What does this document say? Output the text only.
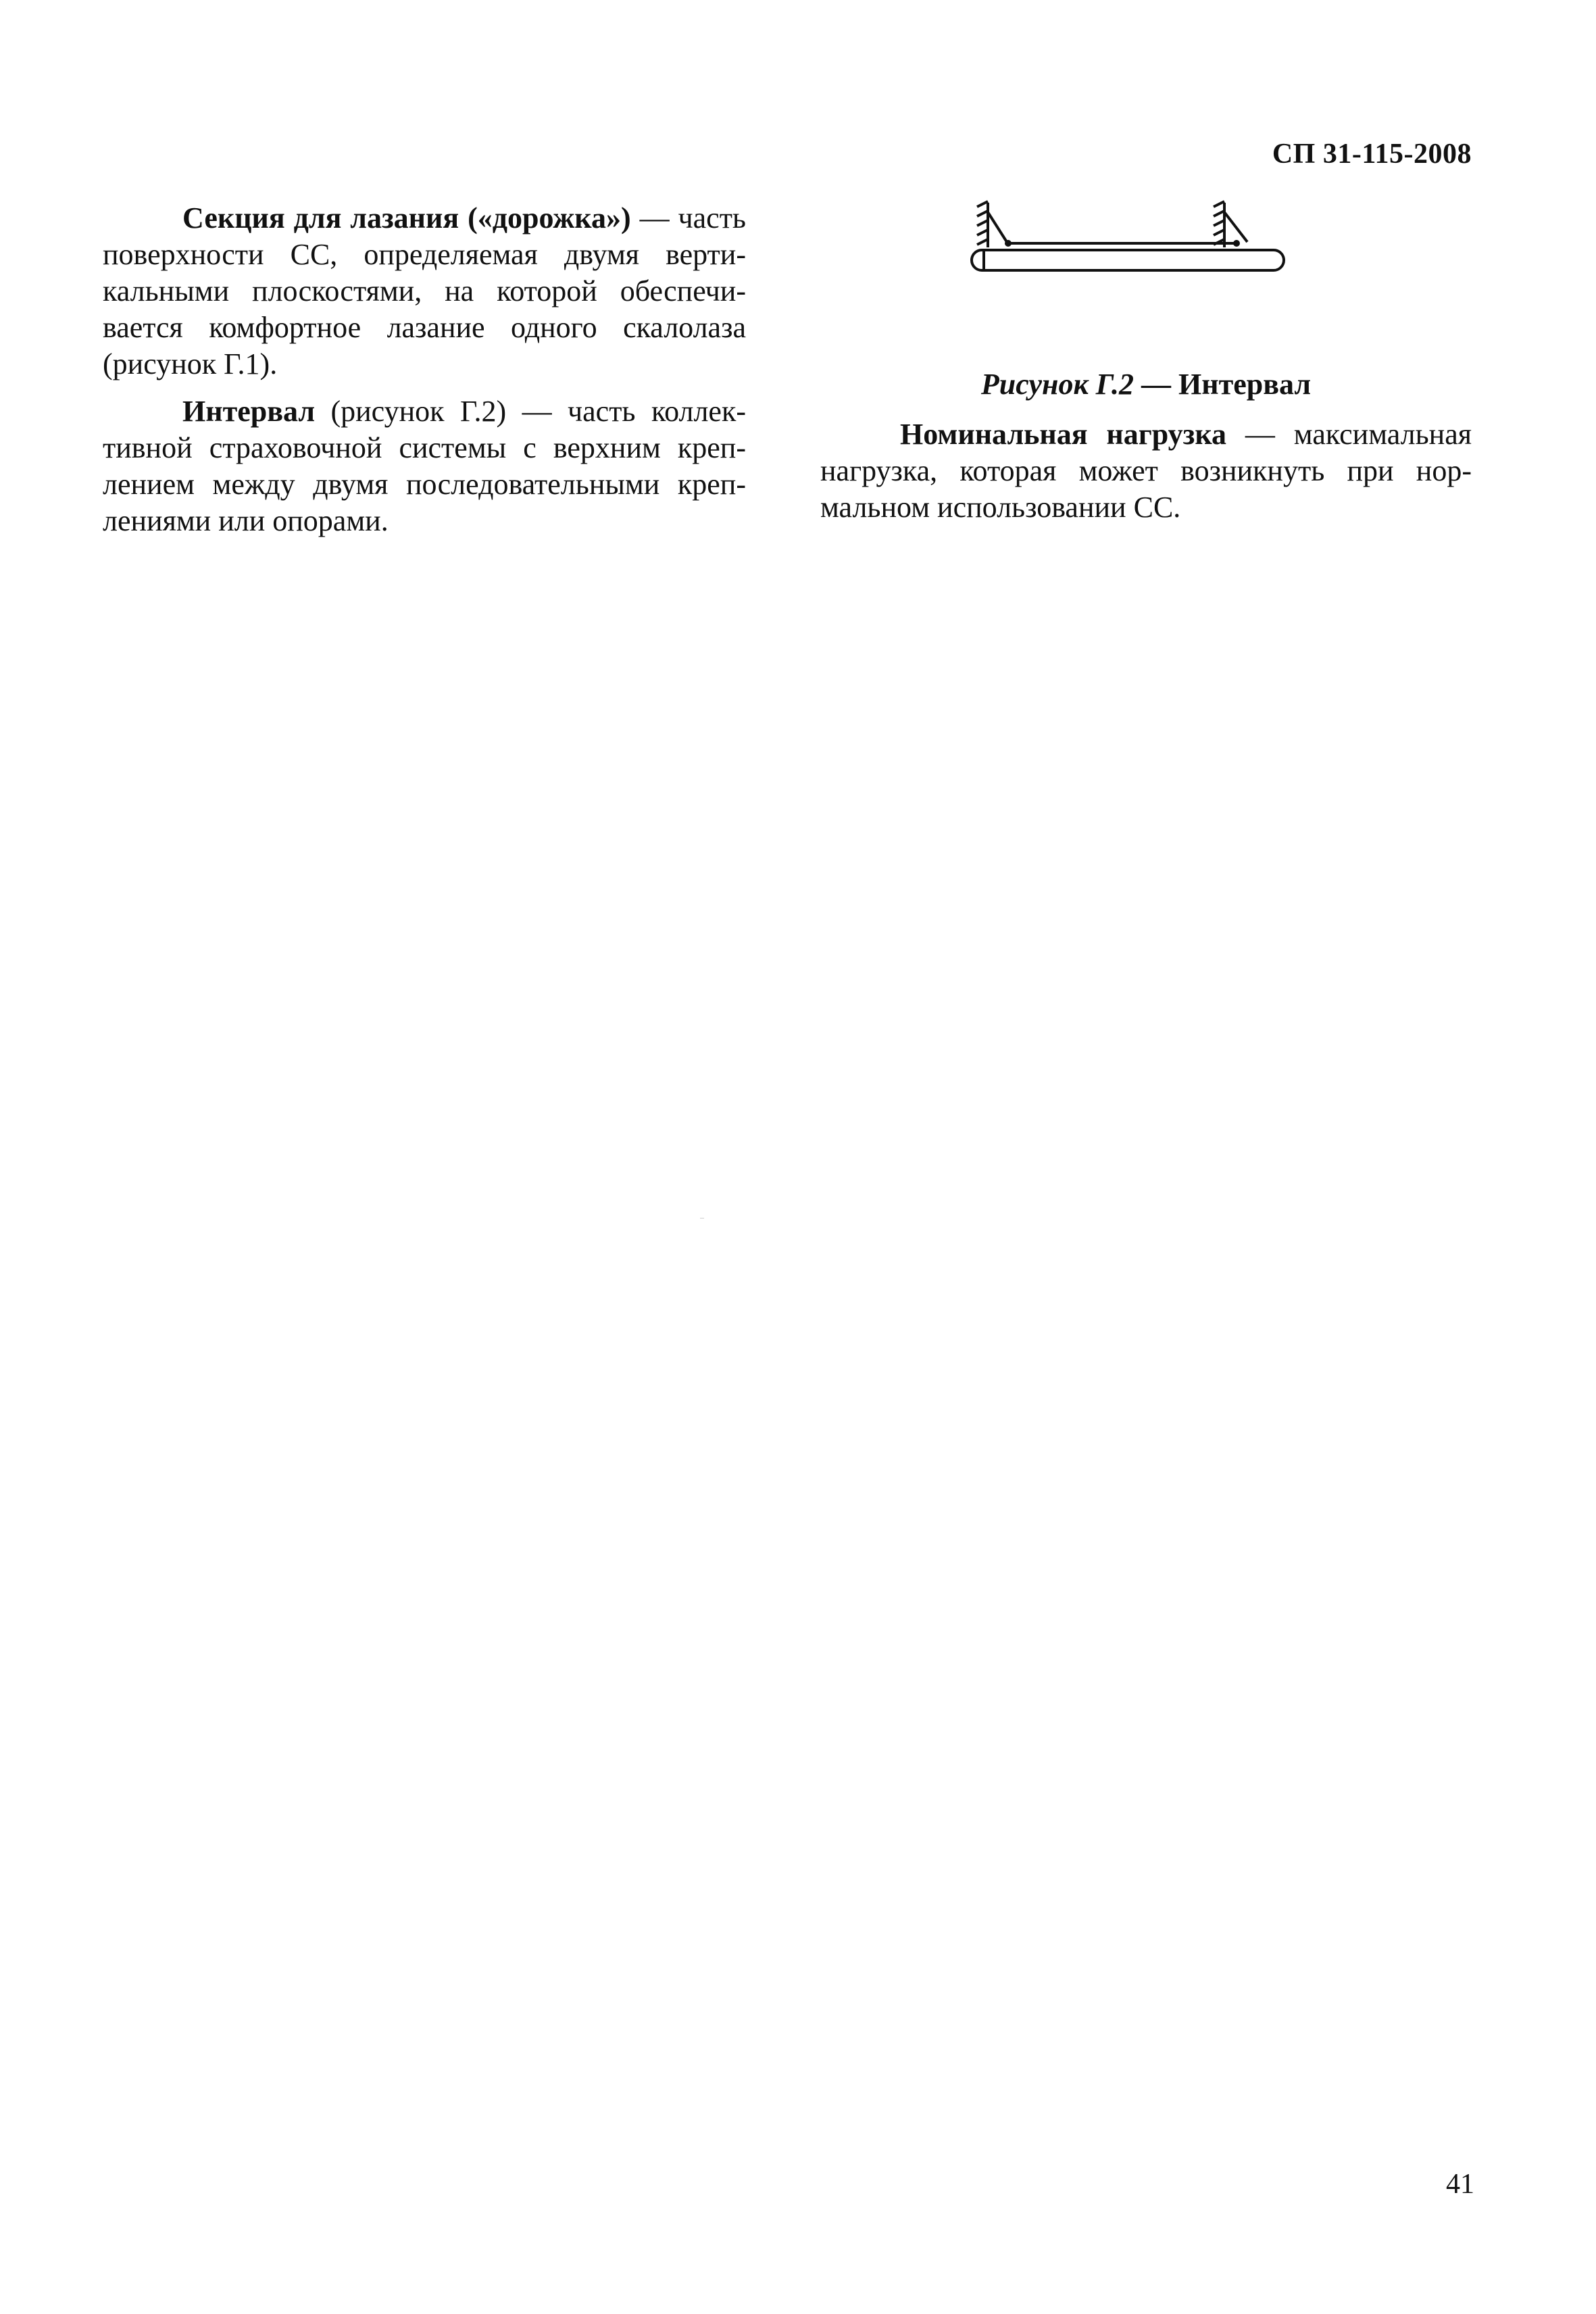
СП 31-115-2008

Секция для лазания («дорожка») — часть поверхности СС, определяемая двумя вертикальными плоскостями, на которой обеспечивается комфортное лазание одного скалолаза (рисунок Г.1).

Интервал (рисунок Г.2) — часть коллективной страховочной системы с верхним креплением между двумя последовательными креплениями или опорами.

Рисунок Г.2 — Интервал

Номинальная нагрузка — максимальная нагрузка, которая может возникнуть при нормальном использовании СС.

41
